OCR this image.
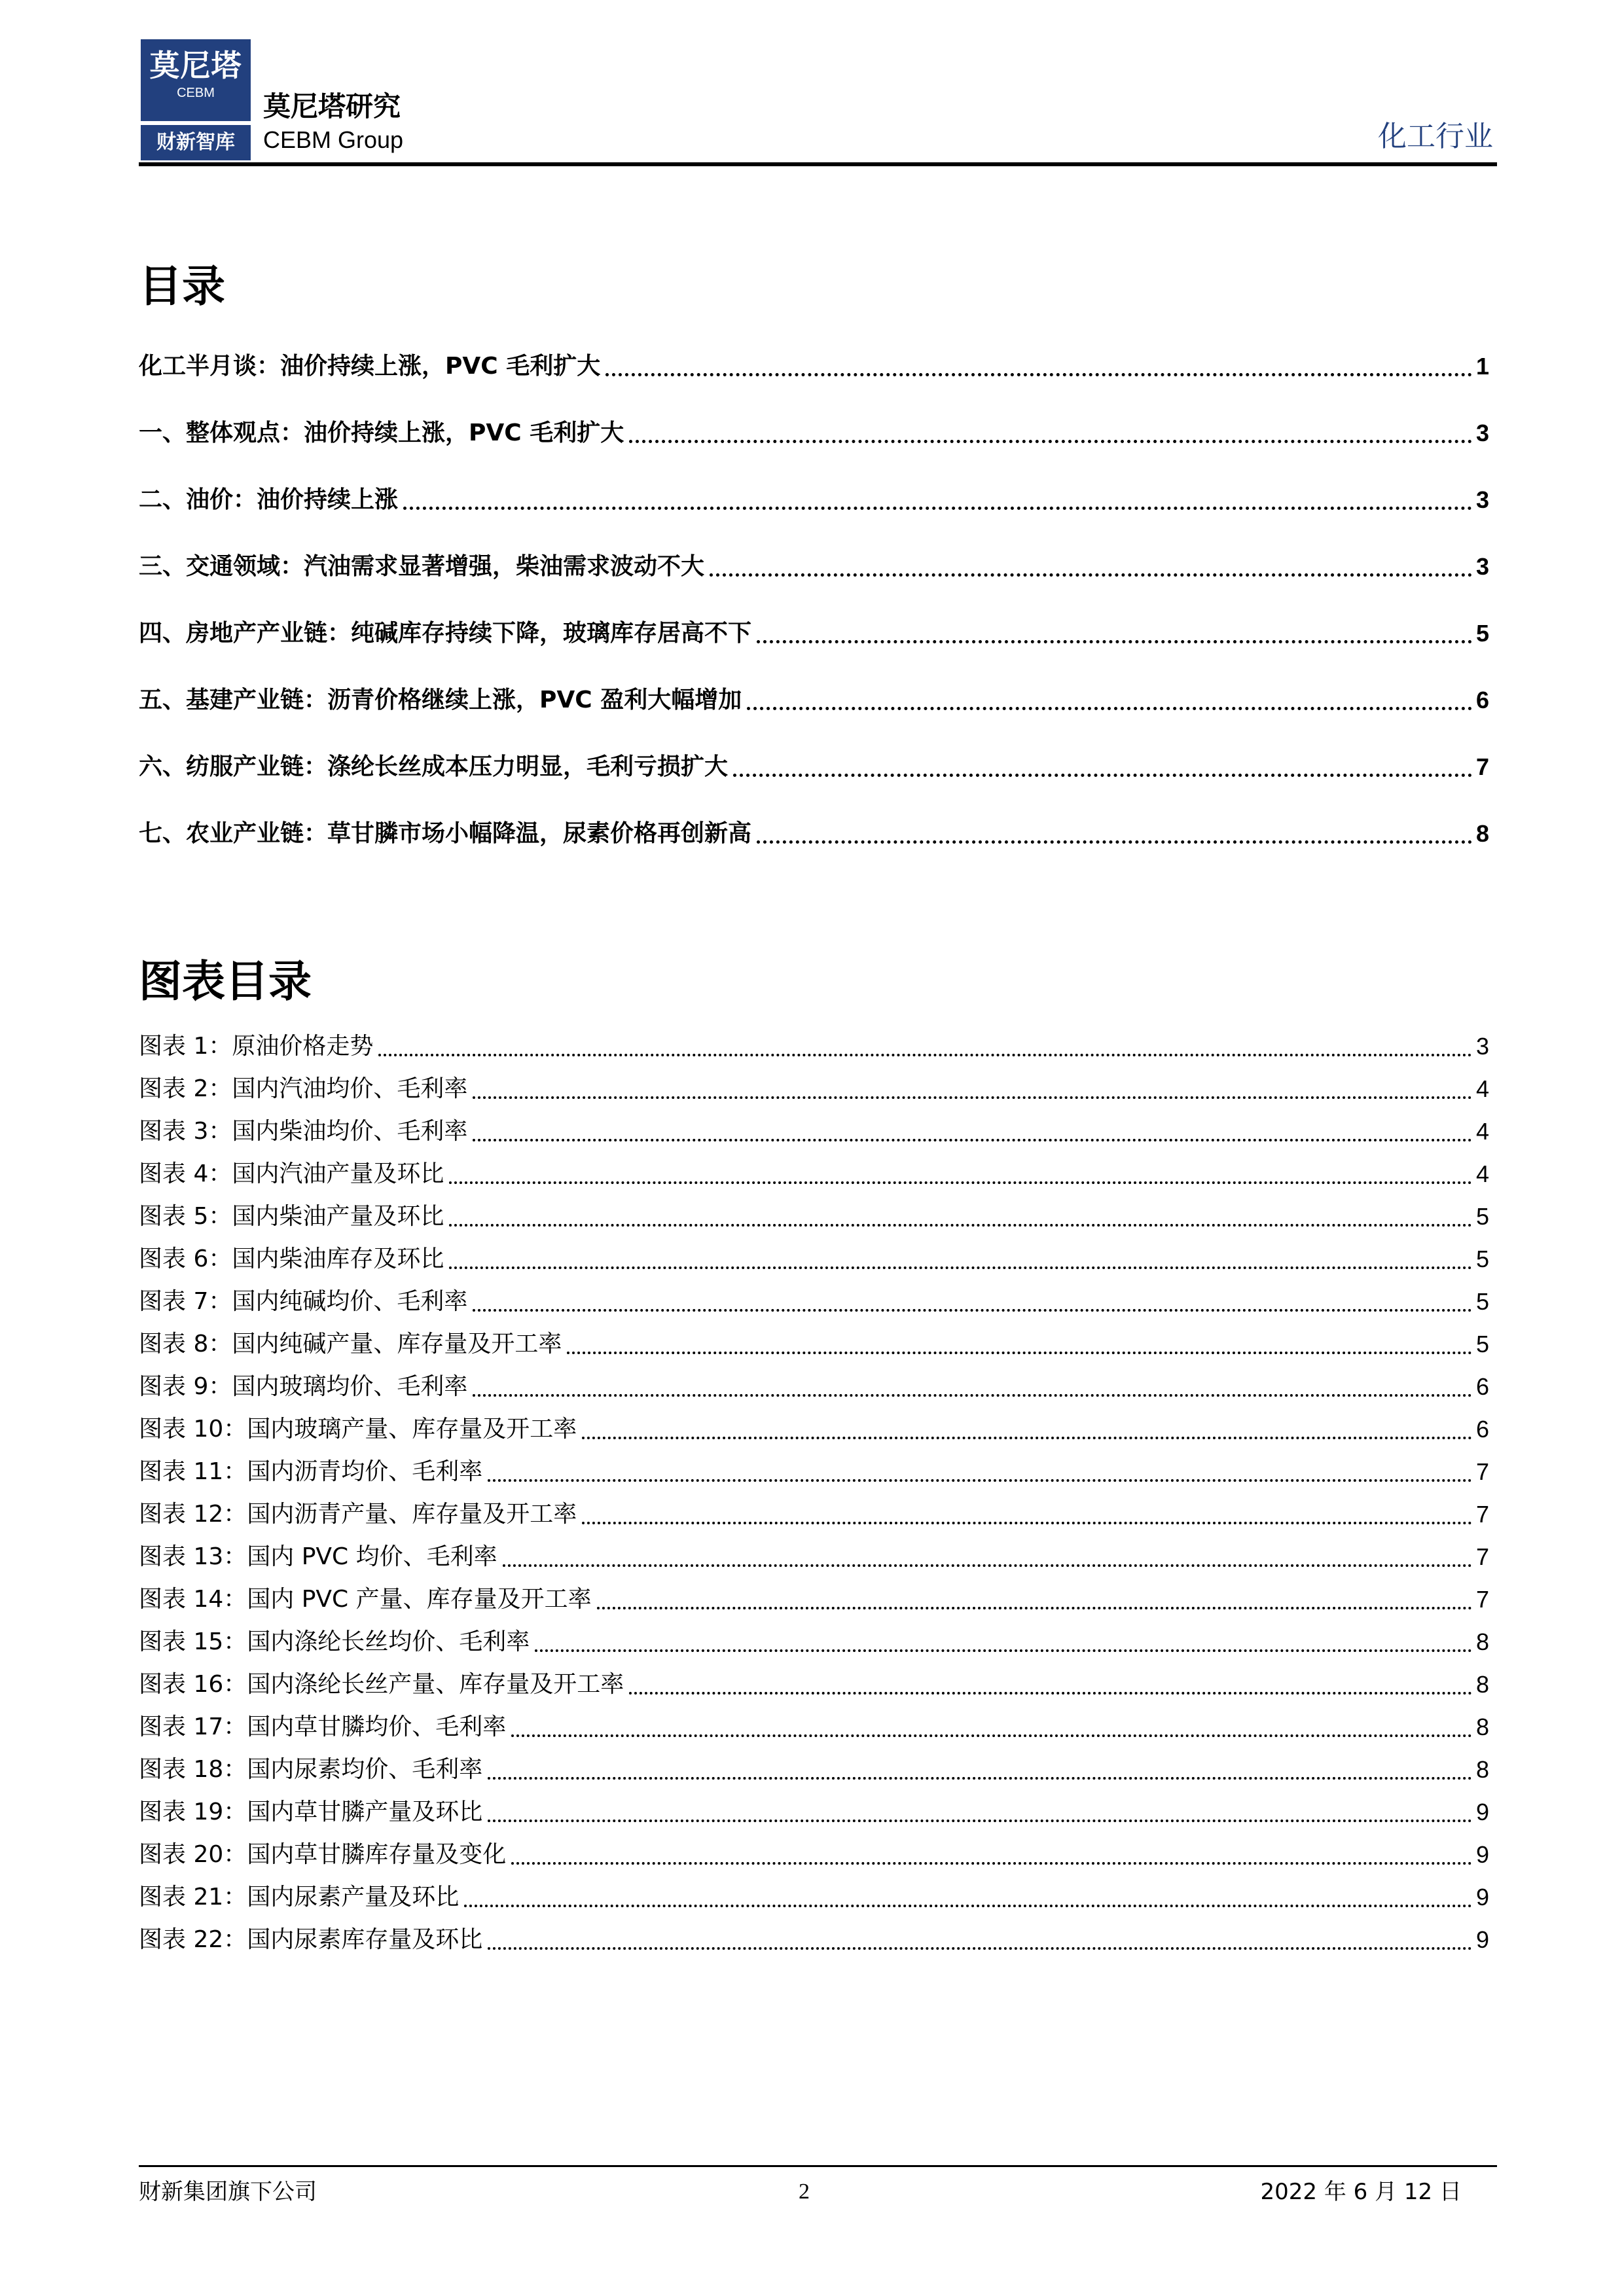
莫尼塔
CEBM
财新智库
莫尼塔研究
CEBM Group	化工行业
目录
化工半月谈：油价持续上涨，PVC 毛利扩大	1
一、整体观点：油价持续上涨，PVC 毛利扩大	3
二、油价：油价持续上涨	3
三、交通领域：汽油需求显著增强，柴油需求波动不大	3
四、房地产产业链：纯碱库存持续下降，玻璃库存居高不下	5
五、基建产业链：沥青价格继续上涨，PVC 盈利大幅增加	6
六、纺服产业链：涤纶长丝成本压力明显，毛利亏损扩大	7
七、农业产业链：草甘膦市场小幅降温，尿素价格再创新高	8
图表目录
图表 1：原油价格走势	3
图表 2：国内汽油均价、毛利率	4
图表 3：国内柴油均价、毛利率	4
图表 4：国内汽油产量及环比	4
图表 5：国内柴油产量及环比	5
图表 6：国内柴油库存及环比	5
图表 7：国内纯碱均价、毛利率	5
图表 8：国内纯碱产量、库存量及开工率	5
图表 9：国内玻璃均价、毛利率	6
图表 10：国内玻璃产量、库存量及开工率	6
图表 11：国内沥青均价、毛利率	7
图表 12：国内沥青产量、库存量及开工率	7
图表 13：国内 PVC 均价、毛利率	7
图表 14：国内 PVC 产量、库存量及开工率	7
图表 15：国内涤纶长丝均价、毛利率	8
图表 16：国内涤纶长丝产量、库存量及开工率	8
图表 17：国内草甘膦均价、毛利率	8
图表 18：国内尿素均价、毛利率	8
图表 19：国内草甘膦产量及环比	9
图表 20：国内草甘膦库存量及变化	9
图表 21：国内尿素产量及环比	9
图表 22：国内尿素库存量及环比	9
财新集团旗下公司	2	2022 年 6 月 12 日
